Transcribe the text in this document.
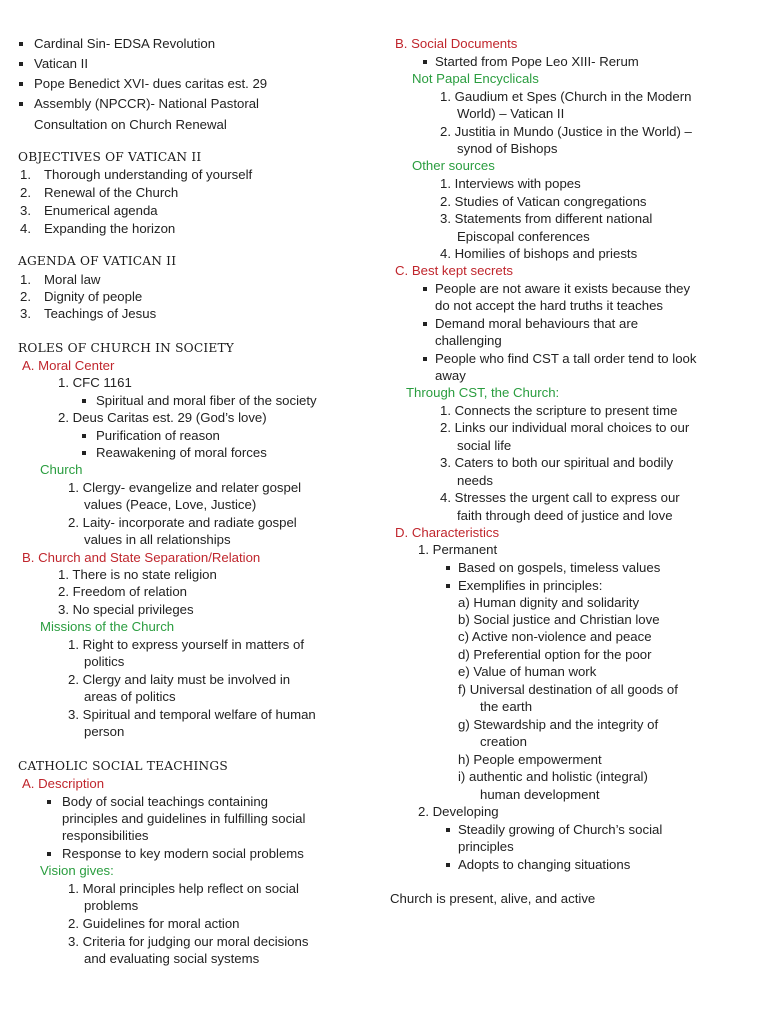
Cardinal Sin- EDSA Revolution
Vatican II
Pope Benedict XVI- dues caritas est. 29
Assembly (NPCCR)- National Pastoral
Consultation on Church Renewal
OBJECTIVES OF VATICAN II
1. Thorough understanding of yourself
2. Renewal of the Church
3. Enumerical agenda
4. Expanding the horizon
AGENDA OF VATICAN II
1. Moral law
2. Dignity of people
3. Teachings of Jesus
ROLES OF CHURCH IN SOCIETY
A. Moral Center
1. CFC 1161
Spiritual and moral fiber of the society
2. Deus Caritas est. 29 (God’s love)
Purification of reason
Reawakening of moral forces
Church
1. Clergy- evangelize and relater gospel
values (Peace, Love, Justice)
2. Laity- incorporate and radiate gospel
values in all relationships
B. Church and State Separation/Relation
1. There is no state religion
2. Freedom of relation
3. No special privileges
Missions of the Church
1. Right to express yourself in matters of
politics
2. Clergy and laity must be involved in
areas of politics
3. Spiritual and temporal welfare of human
person
CATHOLIC SOCIAL TEACHINGS
A. Description
Body of social teachings containing
principles and guidelines in fulfilling social
responsibilities
Response to key modern social problems
Vision gives:
1. Moral principles help reflect on social
problems
2. Guidelines for moral action
3. Criteria for judging our moral decisions
and evaluating social systems
B. Social Documents
Started from Pope Leo XIII- Rerum
Not Papal Encyclicals
1. Gaudium et Spes (Church in the Modern
World) – Vatican II
2. Justitia in Mundo (Justice in the World) –
synod of Bishops
Other sources
1. Interviews with popes
2. Studies of Vatican congregations
3. Statements from different national
Episcopal conferences
4. Homilies of bishops and priests
C. Best kept secrets
People are not aware it exists because they
do not accept the hard truths it teaches
Demand moral behaviours that are
challenging
People who find CST a tall order tend to look
away
Through CST, the Church:
1. Connects the scripture to present time
2. Links our individual moral choices to our
social life
3. Caters to both our spiritual and bodily
needs
4. Stresses the urgent call to express our
faith through deed of justice and love
D. Characteristics
1. Permanent
Based on gospels, timeless values
Exemplifies in principles:
a) Human dignity and solidarity
b) Social justice and Christian love
c) Active non-violence and peace
d) Preferential option for the poor
e) Value of human work
f) Universal destination of all goods of
the earth
g) Stewardship and the integrity of
creation
h) People empowerment
i) authentic and holistic (integral)
human development
2. Developing
Steadily growing of Church’s social
principles
Adopts to changing situations
Church is present, alive, and active
